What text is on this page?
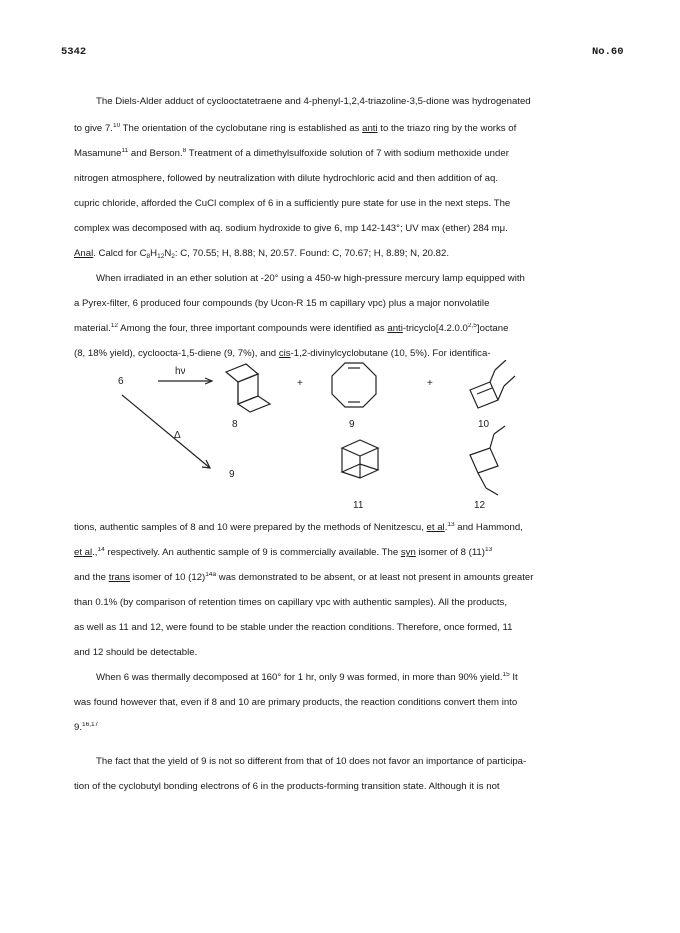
5342	No.60
The Diels-Alder adduct of cyclooctatetraene and 4-phenyl-1,2,4-triazoline-3,5-dione was hydrogenated
to give 7.10 The orientation of the cyclobutane ring is established as anti to the triazo ring by the works of
Masamune$^{11}$ and Berson.$^8$ Treatment of a dimethylsulfoxide solution of 7 with sodium methoxide under
nitrogen atmosphere, followed by neutralization with dilute hydrochloric acid and then addition of aq.
cupric chloride, afforded the CuCl complex of 6 in a sufficiently pure state for use in the next steps. The
complex was decomposed with aq. sodium hydroxide to give 6, mp 142-143°; UV max (ether) 284 mμ.
Anal. Calcd for $C_8H_{12}N_2$: C, 70.55; H, 8.88; N, 20.57. Found: C, 70.67; H, 8.89; N, 20.82.
When irradiated in an ether solution at -20° using a 450-w high-pressure mercury lamp equipped with
a Pyrex-filter, 6 produced four compounds (by Ucon-R 15 m capillary vpc) plus a major nonvolatile
material.$^{12}$ Among the four, three important compounds were identified as anti-tricyclo[4.2.0.0$^{2,5}$]octane
(8, 18% yield), cycloocta-1,5-diene (9, 7%), and cis-1,2-divinylcyclobutane (10, 5%). For identifica-
6
hν
Δ
+	+
8	9	10
9
11	12
tions, authentic samples of 8 and 10 were prepared by the methods of Nenitzescu, et al.$^{13}$ and Hammond,
et al.,$^{14}$ respectively. An authentic sample of 9 is commercially available. The syn isomer of 8 $(11)^{13}$
and the trans isomer of 10 $(12)^{14a}$ was demonstrated to be absent, or at least not present in amounts greater
than 0.1% (by comparison of retention times on capillary vpc with authentic samples). All the products,
as well as 11 and 12, were found to be stable under the reaction conditions. Therefore, once formed, 11
and 12 should be detectable.
When 6 was thermally decomposed at 160° for 1 hr, only 9 was formed, in more than 90% yield.$^{15}$ It
was found however that, even if 8 and 10 are primary products, the reaction conditions convert them into
9.$^{16,17}$
The fact that the yield of 9 is not so different from that of 10 does not favor an importance of participa-
tion of the cyclobutyl bonding electrons of 6 in the products-forming transition state. Although it is not
